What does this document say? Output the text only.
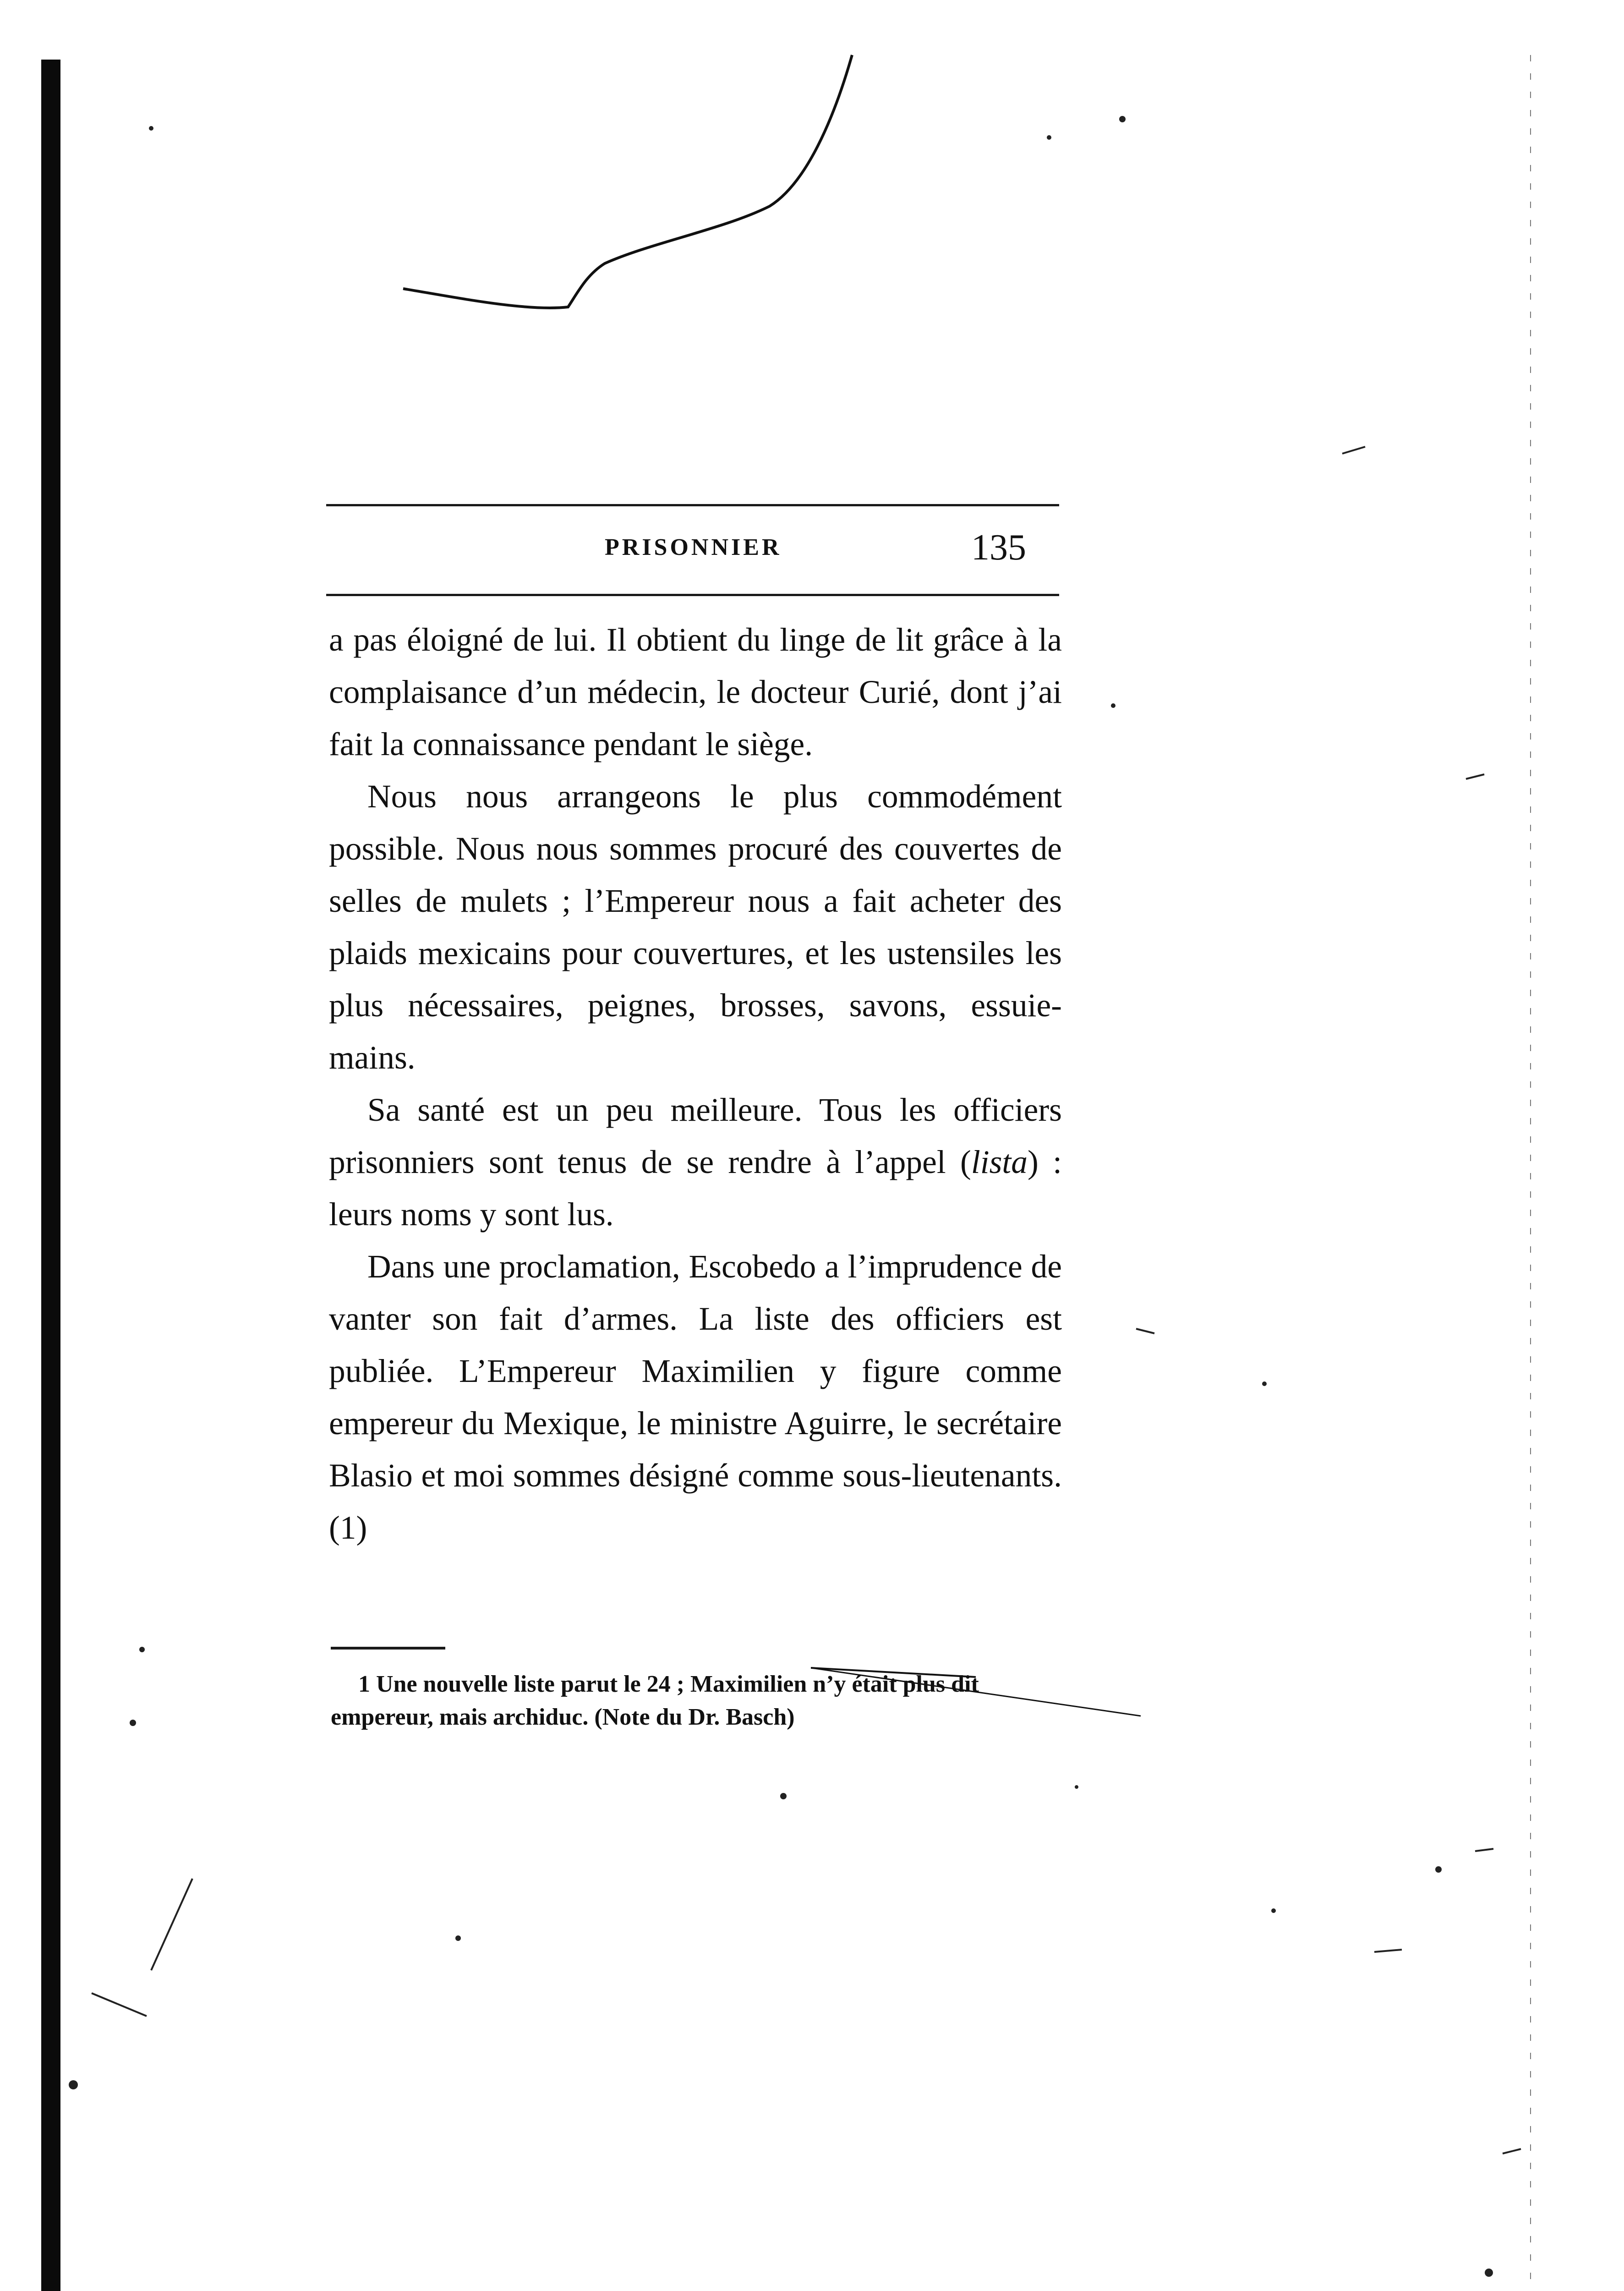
PRISONNIER	135

a pas éloigné de lui. Il obtient du linge de lit grâce à la complaisance d’un médecin, le docteur Curié, dont j’ai fait la connaissance pendant le siège.

Nous nous arrangeons le plus commodément possible. Nous nous sommes procuré des couvertes de selles de mulets ; l’Empereur nous a fait acheter des plaids mexicains pour couvertures, et les ustensiles les plus nécessaires, peignes, brosses, savons, essuie-mains.

Sa santé est un peu meilleure. Tous les officiers prisonniers sont tenus de se rendre à l’appel (lista) : leurs noms y sont lus.

Dans une proclamation, Escobedo a l’imprudence de vanter son fait d’armes. La liste des officiers est publiée. L’Empereur Maximilien y figure comme empereur du Mexique, le ministre Aguirre, le secrétaire Blasio et moi sommes désigné comme sous-lieutenants. (1)

1 Une nouvelle liste parut le 24 ; Maximilien n’y était plus dit empereur, mais archiduc. (Note du Dr. Basch)
